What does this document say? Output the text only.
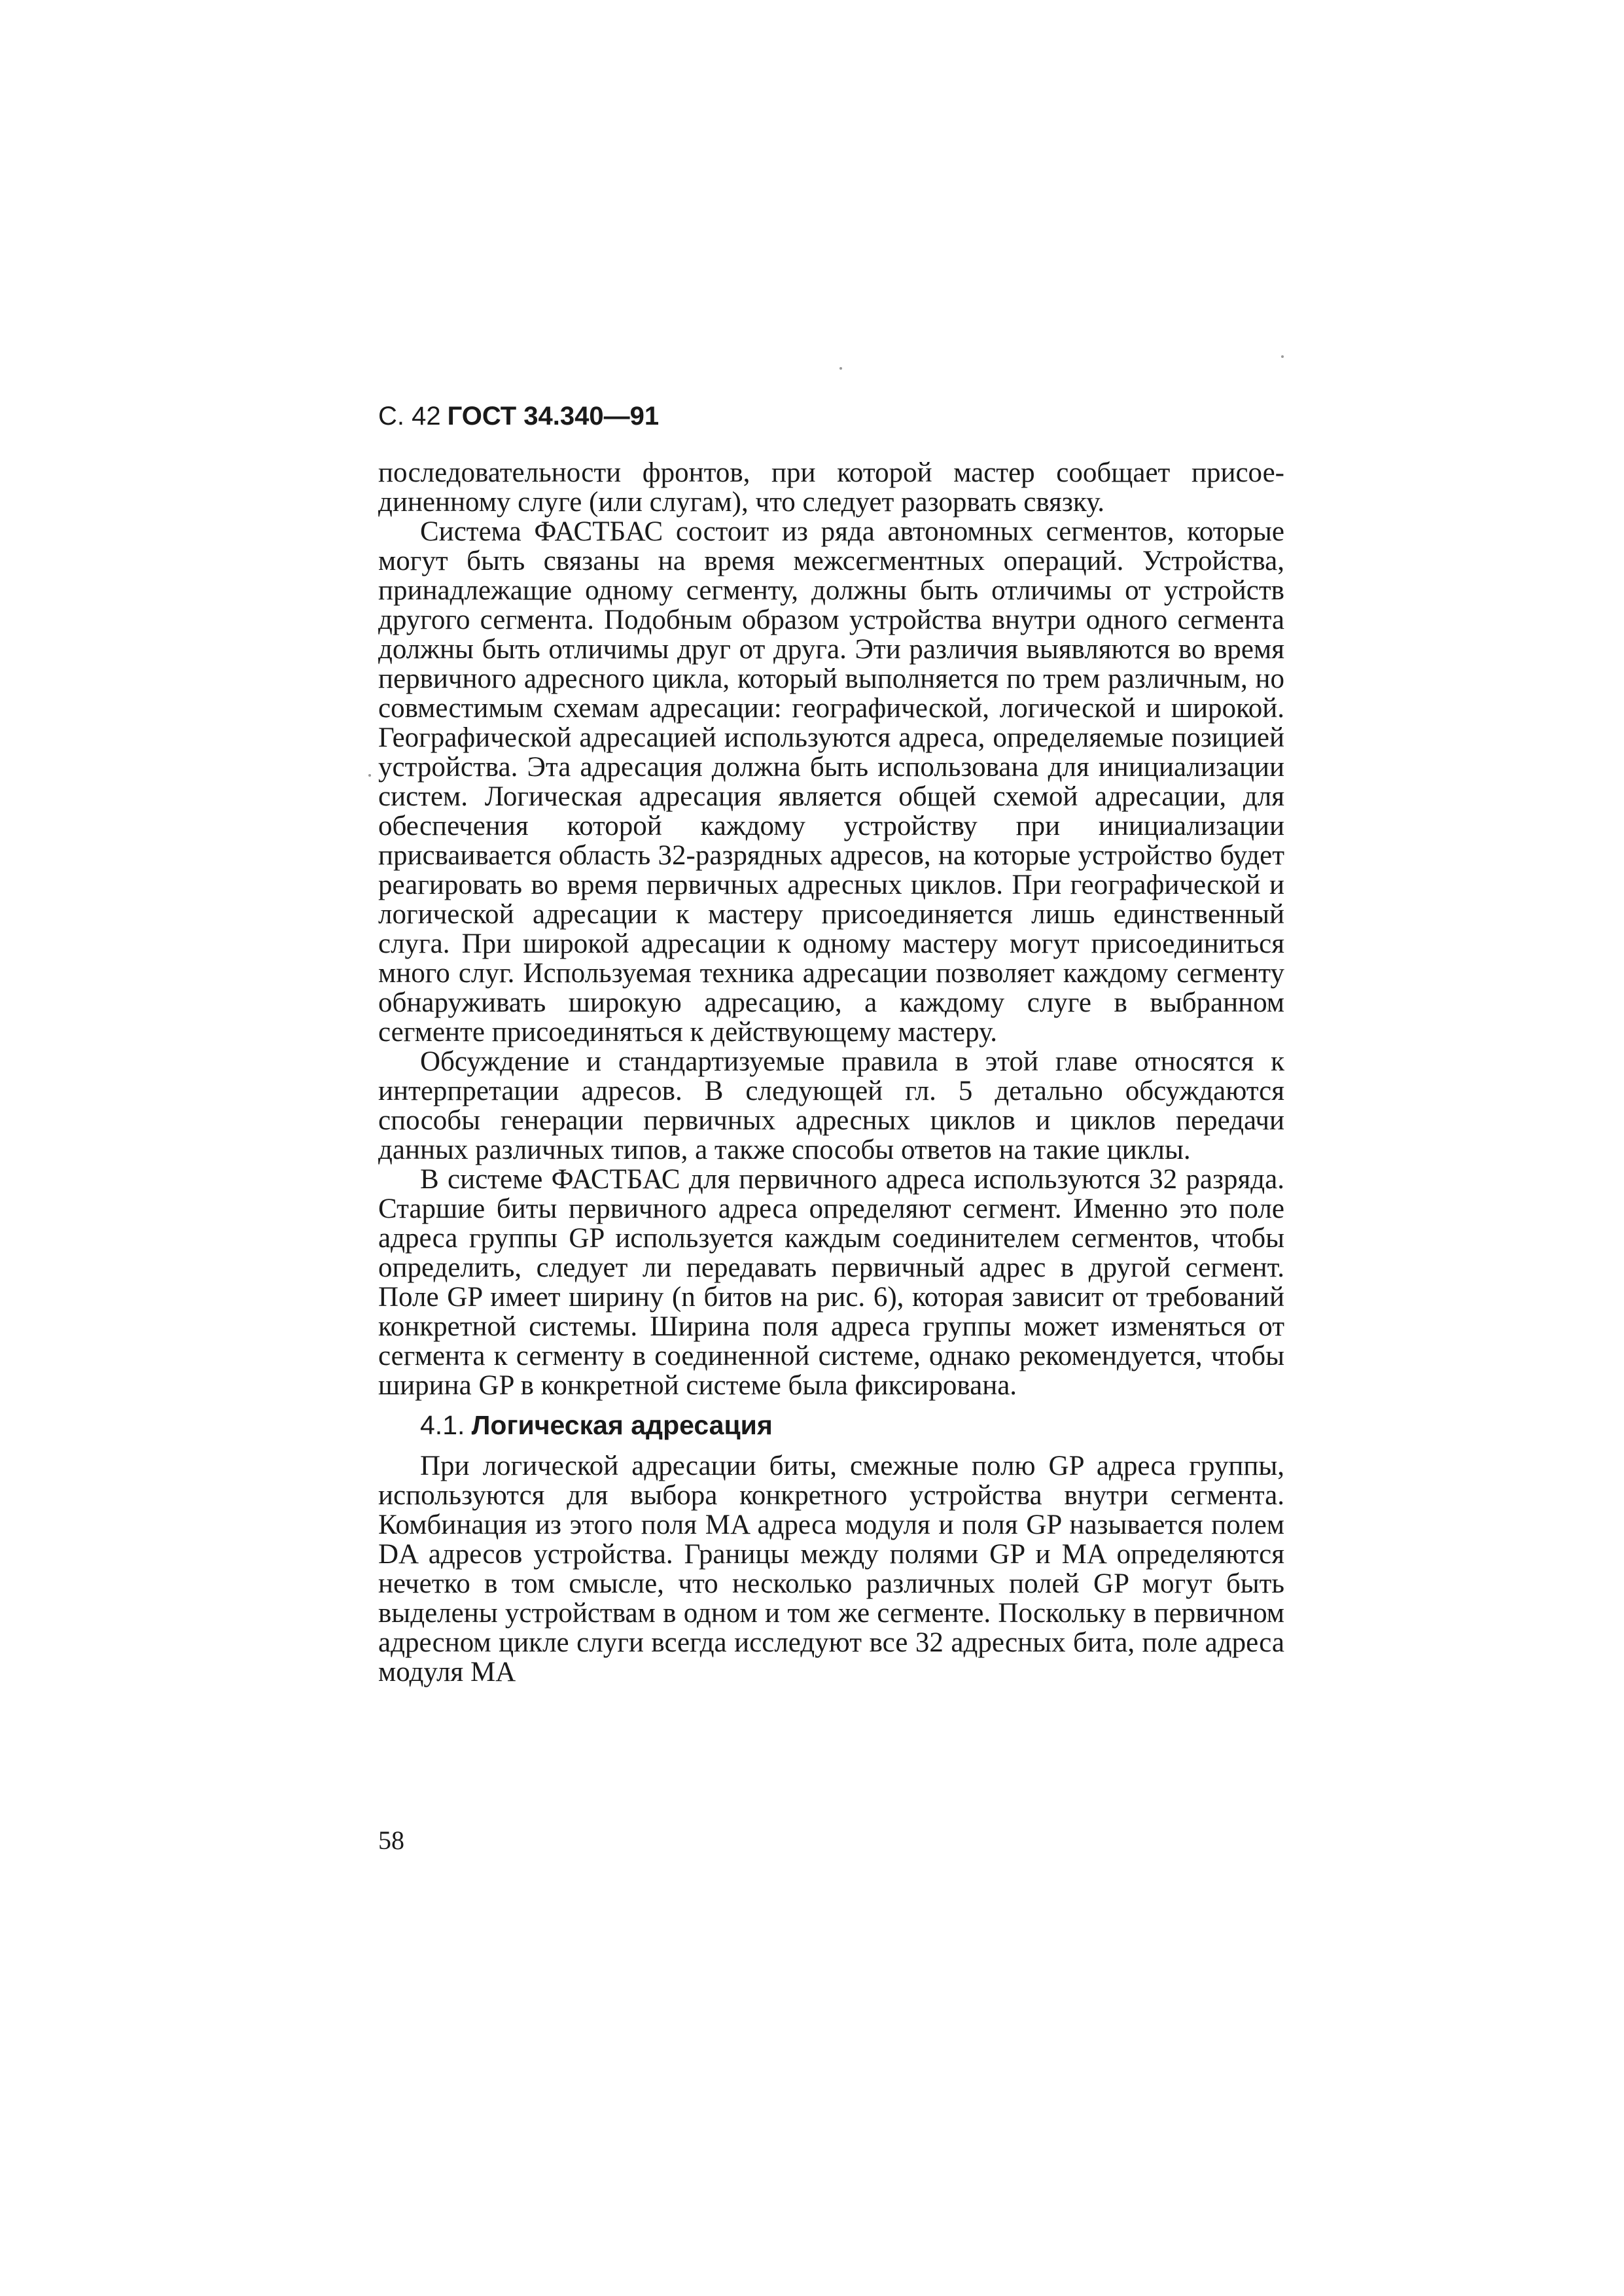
С. 42 ГОСТ 34.340—91

последовательности фронтов, при которой мастер сообщает присоединенному слуге (или слугам), что следует разорвать связку.

Система ФАСТБАС состоит из ряда автономных сегментов, которые могут быть связаны на время межсегментных операций. Устройства, принадлежащие одному сегменту, должны быть отличимы от устройств другого сегмента. Подобным образом устройства внутри одного сегмента должны быть отличимы друг от друга. Эти различия выявляются во время первичного адресного цикла, который выполняется по трем различным, но совместимым схемам адресации: географической, логической и широкой. Географической адресацией используются адреса, определяемые позицией устройства. Эта адресация должна быть использована для инициализации систем. Логическая адресация является общей схемой адресации, для обеспечения которой каждому устройству при инициализации присваивается область 32-разрядных адресов, на которые устройство будет реагировать во время первичных адресных циклов. При географической и логической адресации к мастеру присоединяется лишь единственный слуга. При широкой адресации к одному мастеру могут присоединиться много слуг. Используемая техника адресации позволяет каждому сегменту обнаруживать широкую адресацию, а каждому слуге в выбранном сегменте присоединяться к действующему мастеру.

Обсуждение и стандартизуемые правила в этой главе относятся к интерпретации адресов. В следующей гл. 5 детально обсуждаются способы генерации первичных адресных циклов и циклов передачи данных различных типов, а также способы ответов на такие циклы.

В системе ФАСТБАС для первичного адреса используются 32 разряда. Старшие биты первичного адреса определяют сегмент. Именно это поле адреса группы GP используется каждым соединителем сегментов, чтобы определить, следует ли передавать первичный адрес в другой сегмент. Поле GP имеет ширину (n битов на рис. 6), которая зависит от требований конкретной системы. Ширина поля адреса группы может изменяться от сегмента к сегменту в соединенной системе, однако рекомендуется, чтобы ширина GP в конкретной системе была фиксирована.

4.1. Логическая адресация

При логической адресации биты, смежные полю GP адреса группы, используются для выбора конкретного устройства внутри сегмента. Комбинация из этого поля MA адреса модуля и поля GP называется полем DA адресов устройства. Границы между полями GP и MA определяются нечетко в том смысле, что несколько различных полей GP могут быть выделены устройствам в одном и том же сегменте. Поскольку в первичном адресном цикле слуги всегда исследуют все 32 адресных бита, поле адреса модуля MA

58
